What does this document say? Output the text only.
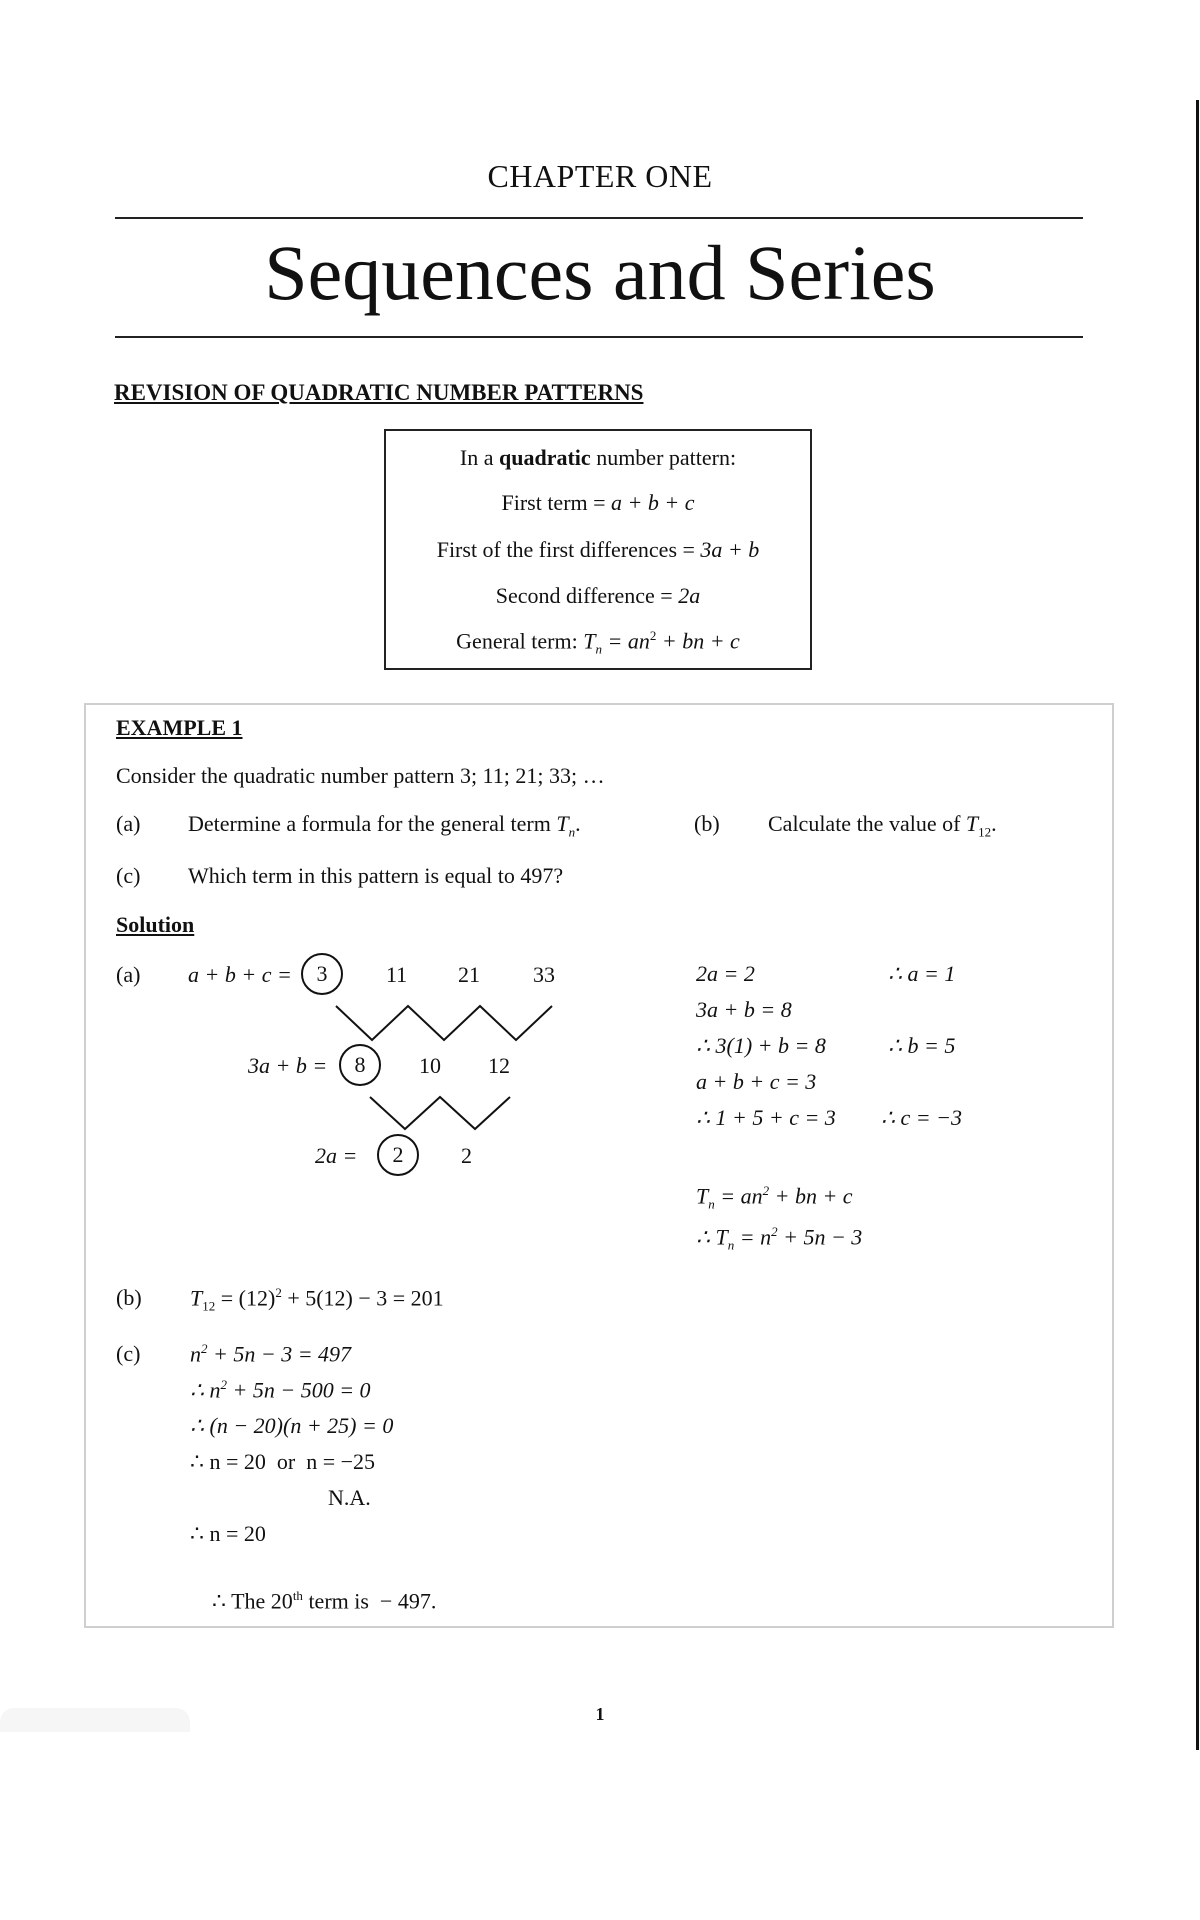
CHAPTER ONE
Sequences and Series
REVISION OF QUADRATIC NUMBER PATTERNS
In a quadratic number pattern:
First term = a + b + c
First of the first differences = 3a + b
Second difference = 2a
General term: $T_n = an^2$ + bn + c
EXAMPLE 1
Consider the quadratic number pattern 3; 11; 21; 33; …
(a) Determine a formula for the general term $T_n$.	(b) Calculate the value of $T_{12}$.
(c) Which term in this pattern is equal to 497?
Solution
(a) a + b + c =	3	11 21 33
3a + b =	8	10 12
2a =	2	2
2a = 2	∴ a = 1
3a + b = 8
∴ 3(1) + b = 8	∴ b = 5
a + b + c = 3
∴ 1 + 5 + c = 3 ∴ c = −3
$T_n = an^2$ + bn + c
∴ $T_n = n^2 + 5n - 3$
(b) $T_{12} = (12)^2 + 5(12) - 3 = 201$
(c) $n^2 + 5n - 3 = 497$
∴ $n^2 + 5n - 500 = 0$
∴ (n − 20)(n + 25) = 0
∴ n = 20  or  n = −25
N.A.
∴ n = 20

∴ The 20th term is  − 497.

1
